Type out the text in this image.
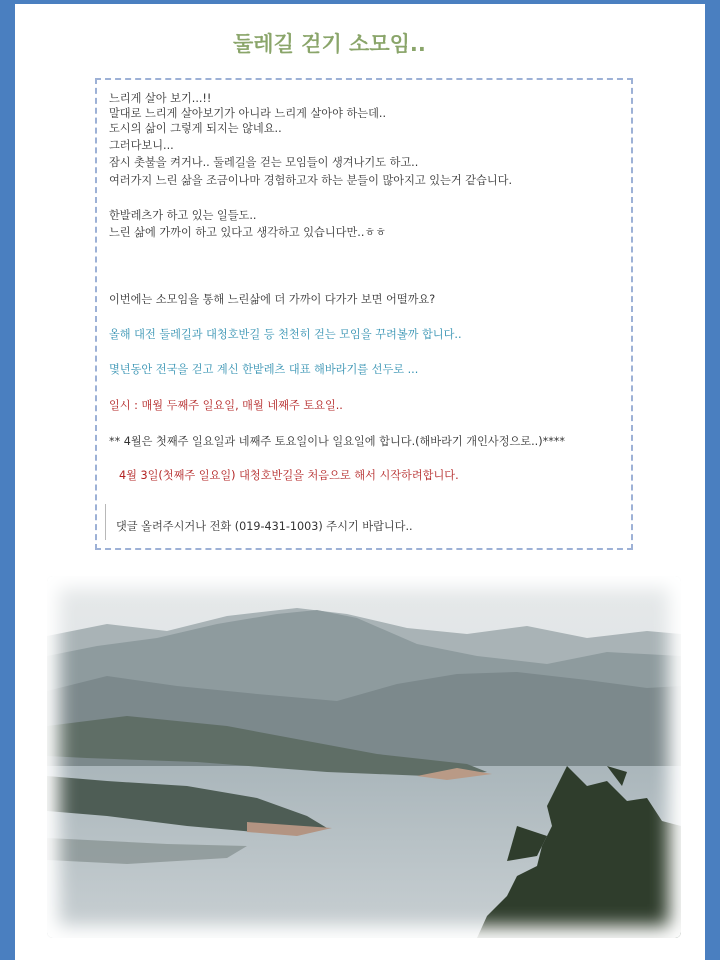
둘레길 걷기 소모임..
느리게 살아 보기...!!
말대로 느리게 살아보기가 아니라 느리게 살아야 하는데..
도시의 삶이 그렇게 되지는 않네요..
그러다보니...
잠시 촛불을 켜거나.. 둘레길을 걷는 모임들이 생겨나기도 하고..
여러가지 느린 삶을 조금이나마 경험하고자 하는 분들이 많아지고 있는거 같습니다.
한발레츠가 하고 있는 일들도..
느린 삶에 가까이 하고 있다고 생각하고 있습니다만..ㅎㅎ
이번에는 소모임을 통해 느린삶에 더 가까이 다가가 보면 어떨까요?
올해 대전 둘레길과 대청호반길 등 천천히 걷는 모임을 꾸려볼까 합니다..
몇년동안 전국을 걷고 계신 한밭레츠 대표 해바라기를 선두로 ...
일시 : 매월 두째주 일요일, 매월 네째주 토요일..
** 4월은 첫째주 일요일과 네째주 토요일이나 일요일에 합니다.(해바라기 개인사정으로..)****
4월 3일(첫째주 일요일) 대청호반길을 처음으로 해서 시작하려합니다.
댓글 올려주시거나 전화 (019-431-1003) 주시기 바랍니다..
